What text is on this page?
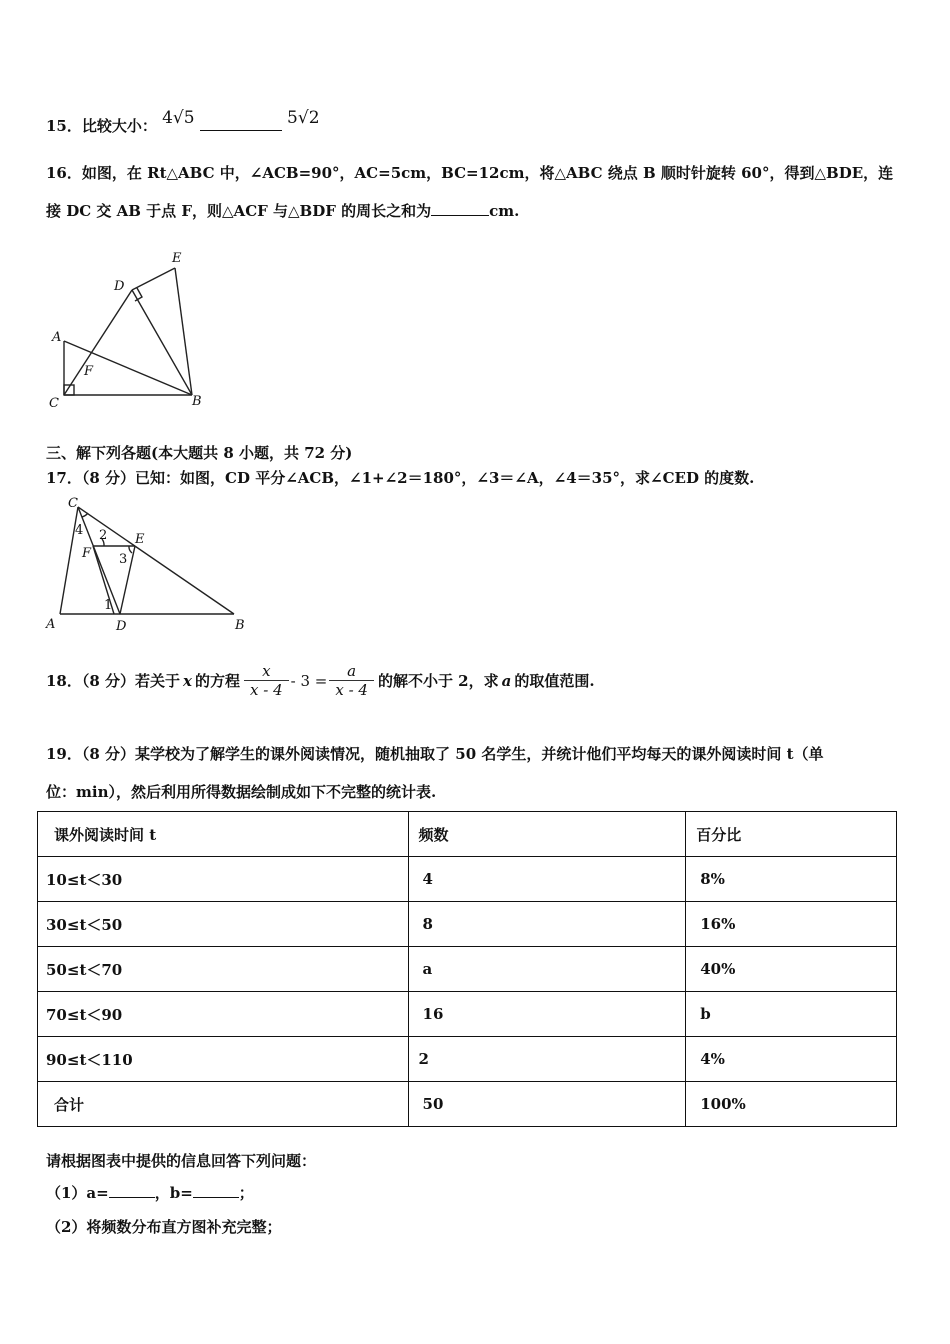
15．比较大小： 4√5	5√2
16．如图，在 Rt△ABC 中，∠ACB=90°，AC=5cm，BC=12cm，将△ABC 绕点 B 顺时针旋转 60°，得到△BDE，连
接 DC 交 AB 于点 F，则△ACF 与△BDF 的周长之和为	cm.
E
D
A
F
C	B
三、解下列各题(本大题共 8 小题，共 72 分)
17．（8 分）已知：如图，CD 平分∠ACB，∠1+∠2＝180°，∠3＝∠A，∠4＝35°，求∠CED 的度数.
C
4 2 E
F 3
1
A	D	B
18．（8 分）若关于 x 的方程 $\frac{x}{x - 4} - 3 = \frac{a}{x - 4}$ 的解不小于 2，求 a 的取值范围.
19．（8 分）某学校为了解学生的课外阅读情况，随机抽取了 50 名学生，并统计他们平均每天的课外阅读时间 t（单
位：min），然后利用所得数据绘制成如下不完整的统计表.
课外阅读时间 t	频数	百分比
10≤t＜30	4	8%
30≤t＜50	8	16%
50≤t＜70	a	40%
70≤t＜90	16	b
90≤t＜110	2	4%
合计	50	100%
请根据图表中提供的信息回答下列问题：
（1）a=	，b=	；
（2）将频数分布直方图补充完整；
